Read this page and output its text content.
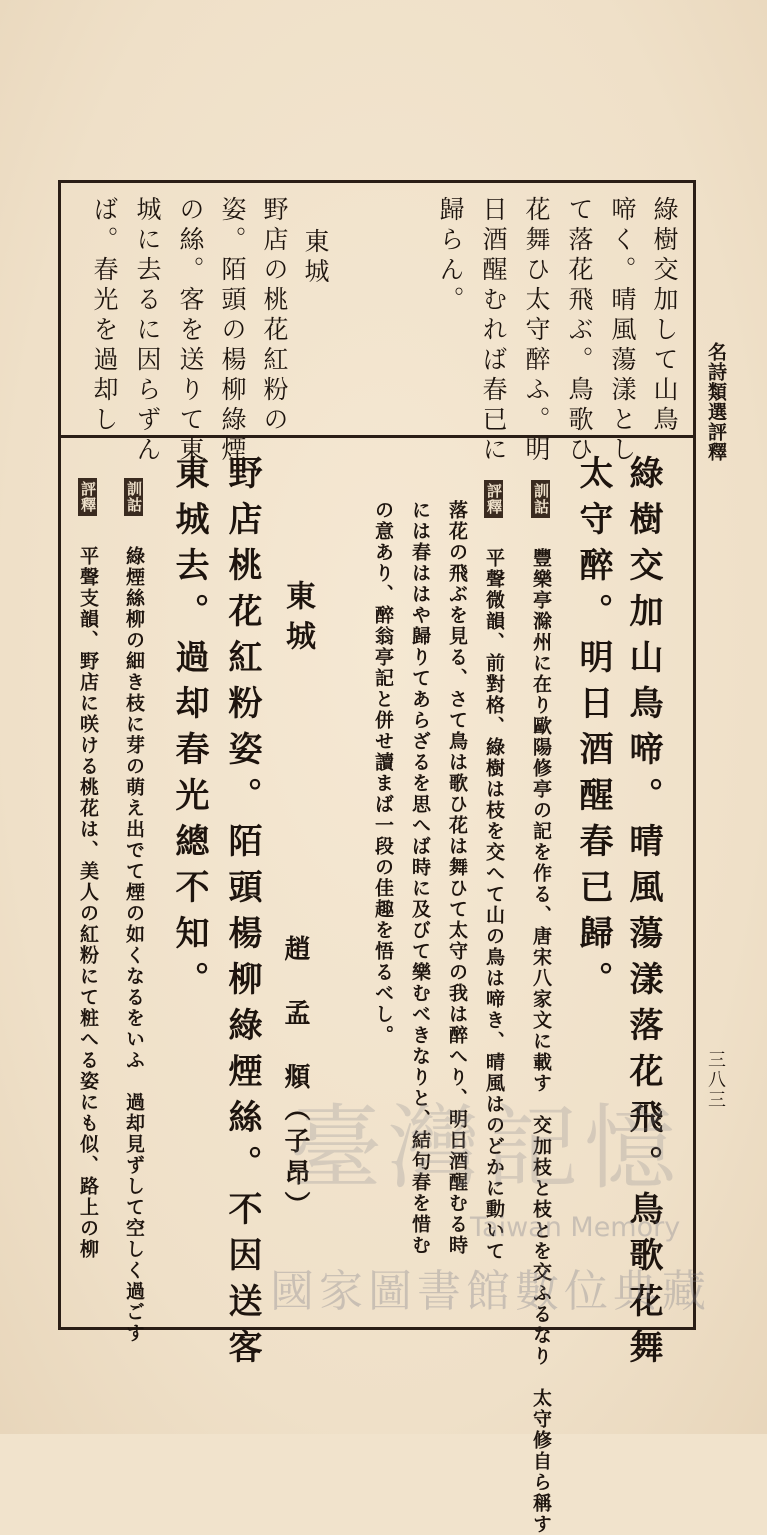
名詩類選評釋
三八三
綠樹交加して山鳥
啼く。晴風蕩漾とし
て落花飛ぶ。鳥歌ひ
花舞ひ太守醉ふ。明
日酒醒むれば春已に
歸らん。
東城
野店の桃花紅粉の
姿。陌頭の楊柳綠煙
の絲。客を送りて東
城に去るに因らずん
ば。春光を過却し
綠樹交加山鳥啼。晴風蕩漾落花飛。鳥歌花舞
太守醉。明日酒醒春已歸。
訓詁 豐樂亭滁州に在り歐陽修亭の記を作る、唐宋八家文に載す　交加枝と枝とを交ふるなり　太守修自ら稱す
評釋 平聲微韻、前對格、綠樹は枝を交へて山の鳥は啼き、晴風はのどかに動いて
落花の飛ぶを見る、さて鳥は歌ひ花は舞ひて太守の我は醉へり、明日酒醒むる時
には春ははや歸りてあらざるを思へば時に及びて樂むべきなりと、結句春を惜む
の意あり、醉翁亭記と併せ讀まば一段の佳趣を悟るべし。
東城
趙　孟　頫（子昂）
野店桃花紅粉姿。陌頭楊柳綠煙絲。不因送客
東城去。過却春光總不知。
訓詁 綠煙絲柳の細き枝に芽の萌え出でて煙の如くなるをいふ　過却見ずして空しく過ごす
評釋 平聲支韻、野店に咲ける桃花は、美人の紅粉にて粧へる姿にも似、路上の柳 臺灣記憶
Taiwan Memory
國家圖書館數位典藏
